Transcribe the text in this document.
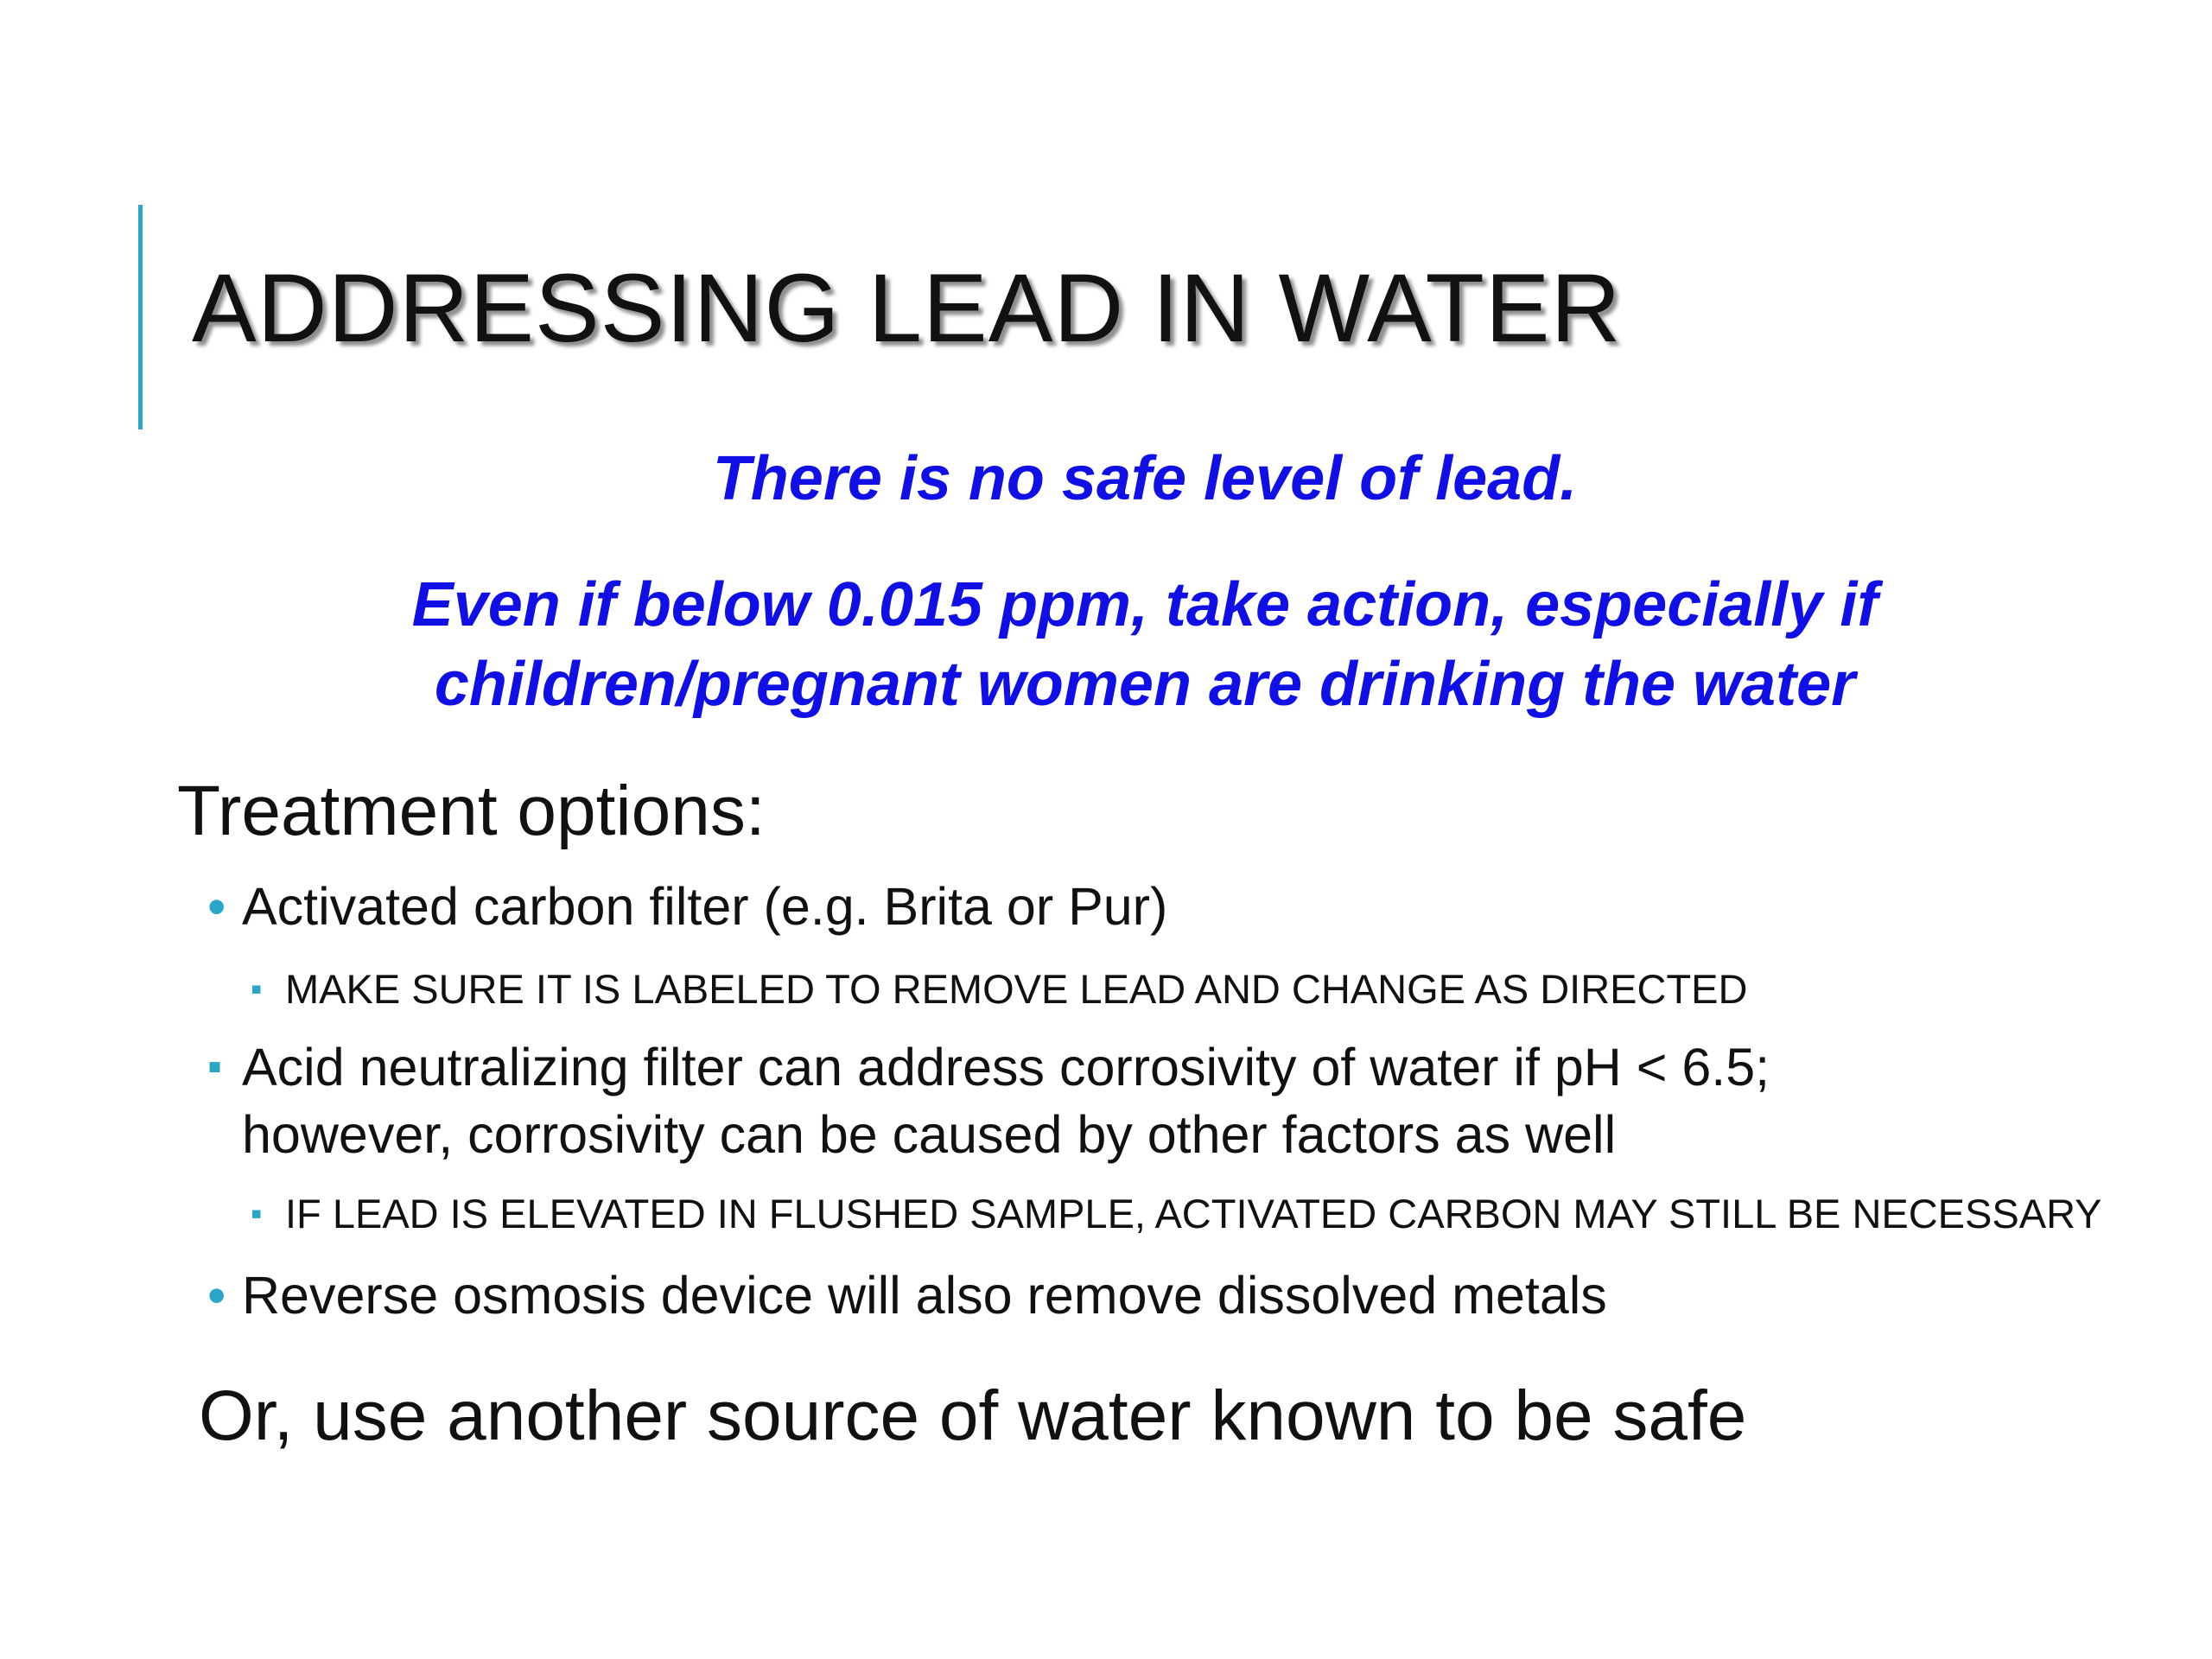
ADDRESSING LEAD IN WATER
There is no safe level of lead.
Even if below 0.015 ppm, take action, especially if children/pregnant women are drinking the water
Treatment options:
• Activated carbon filter (e.g. Brita or Pur)
▪ MAKE SURE IT IS LABELED TO REMOVE LEAD AND CHANGE AS DIRECTED
▪ Acid neutralizing filter can address corrosivity of water if pH < 6.5; however, corrosivity can be caused by other factors as well
▪ IF LEAD IS ELEVATED IN FLUSHED SAMPLE, ACTIVATED CARBON MAY STILL BE NECESSARY
• Reverse osmosis device will also remove dissolved metals
Or, use another source of water known to be safe
